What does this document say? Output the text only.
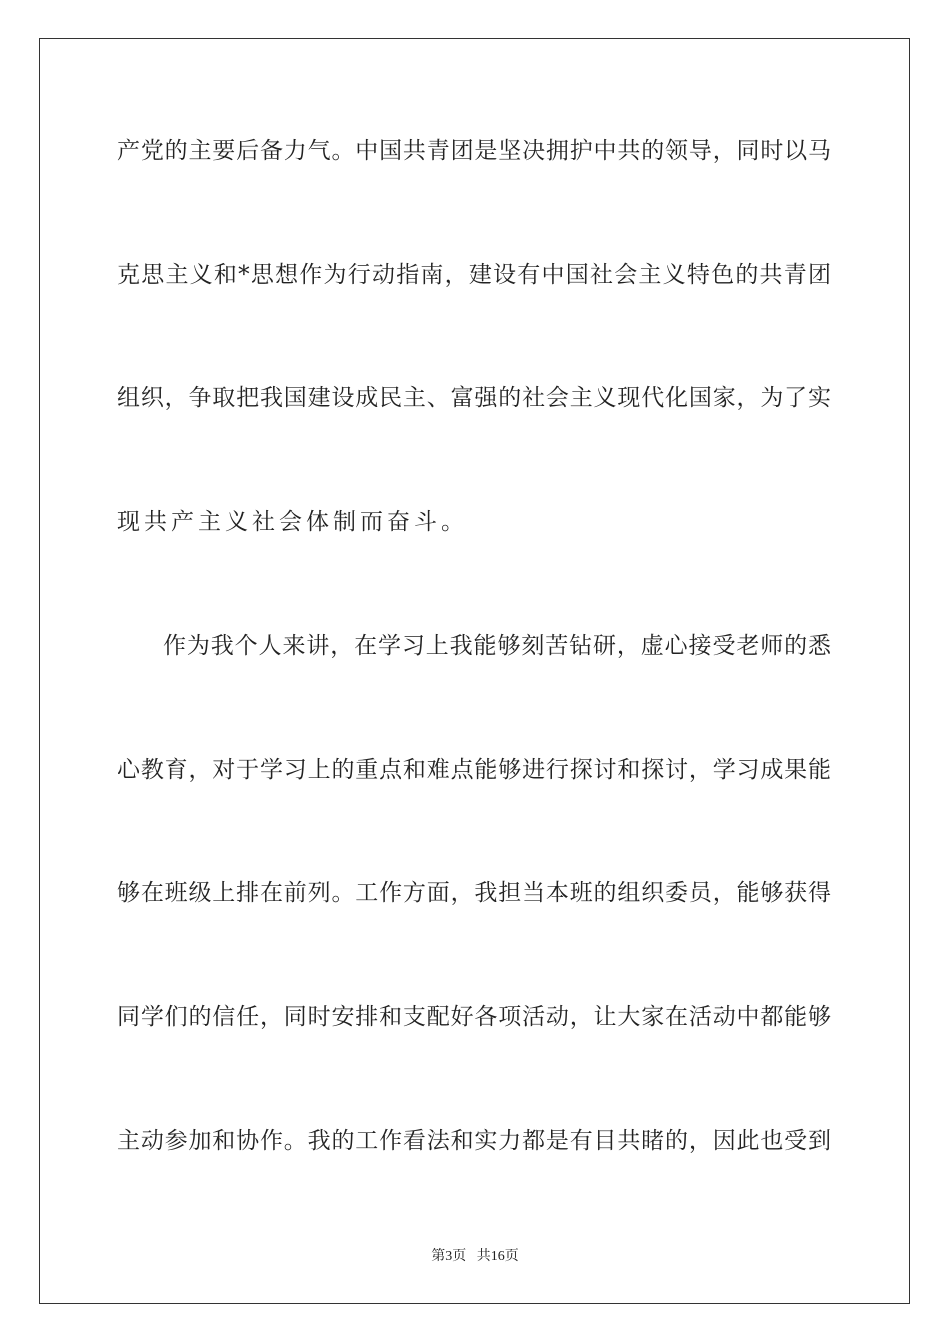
产党的主要后备力气。中国共青团是坚决拥护中共的领导，同时以马
克思主义和*思想作为行动指南，建设有中国社会主义特色的共青团
组织，争取把我国建设成民主、富强的社会主义现代化国家，为了实
现共产主义社会体制而奋斗。
作为我个人来讲，在学习上我能够刻苦钻研，虚心接受老师的悉
心教育，对于学习上的重点和难点能够进行探讨和探讨，学习成果能
够在班级上排在前列。工作方面，我担当本班的组织委员，能够获得
同学们的信任，同时安排和支配好各项活动，让大家在活动中都能够
主动参加和协作。我的工作看法和实力都是有目共睹的，因此也受到
第3页 共16页
